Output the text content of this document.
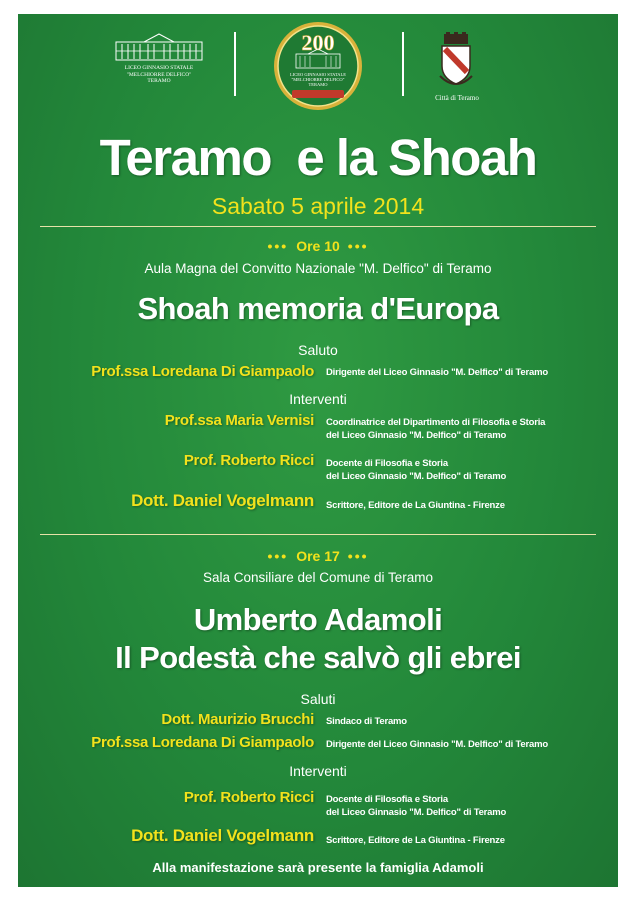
LICEO GINNASIO STATALE
"MELCHIORRE DELFICO"
TERAMO
200
LICEO GINNASIO STATALE
"MELCHIORRE DELFICO"
TERAMO
Città di Teramo
Teramo  e la Shoah
Sabato 5 aprile 2014
••• Ore 10 •••
Aula Magna del Convitto Nazionale "M. Delfico" di Teramo
Shoah memoria d'Europa
Saluto
Prof.ssa Loredana Di Giampaolo Dirigente del Liceo Ginnasio "M. Delfico" di Teramo
Interventi
Prof.ssa Maria Vernisi Coordinatrice del Dipartimento di Filosofia e Storia
del Liceo Ginnasio "M. Delfico" di Teramo
Prof. Roberto Ricci Docente di Filosofia e Storia
del Liceo Ginnasio "M. Delfico" di Teramo
Dott. Daniel Vogelmann Scrittore, Editore de La Giuntina - Firenze
••• Ore 17 •••
Sala Consiliare del Comune di Teramo
Umberto Adamoli
Il Podestà che salvò gli ebrei
Saluti
Dott. Maurizio Brucchi Sindaco di Teramo
Prof.ssa Loredana Di Giampaolo Dirigente del Liceo Ginnasio "M. Delfico" di Teramo
Interventi
Prof. Roberto Ricci Docente di Filosofia e Storia
del Liceo Ginnasio "M. Delfico" di Teramo
Dott. Daniel Vogelmann Scrittore, Editore de La Giuntina - Firenze
Alla manifestazione sarà presente la famiglia Adamoli
